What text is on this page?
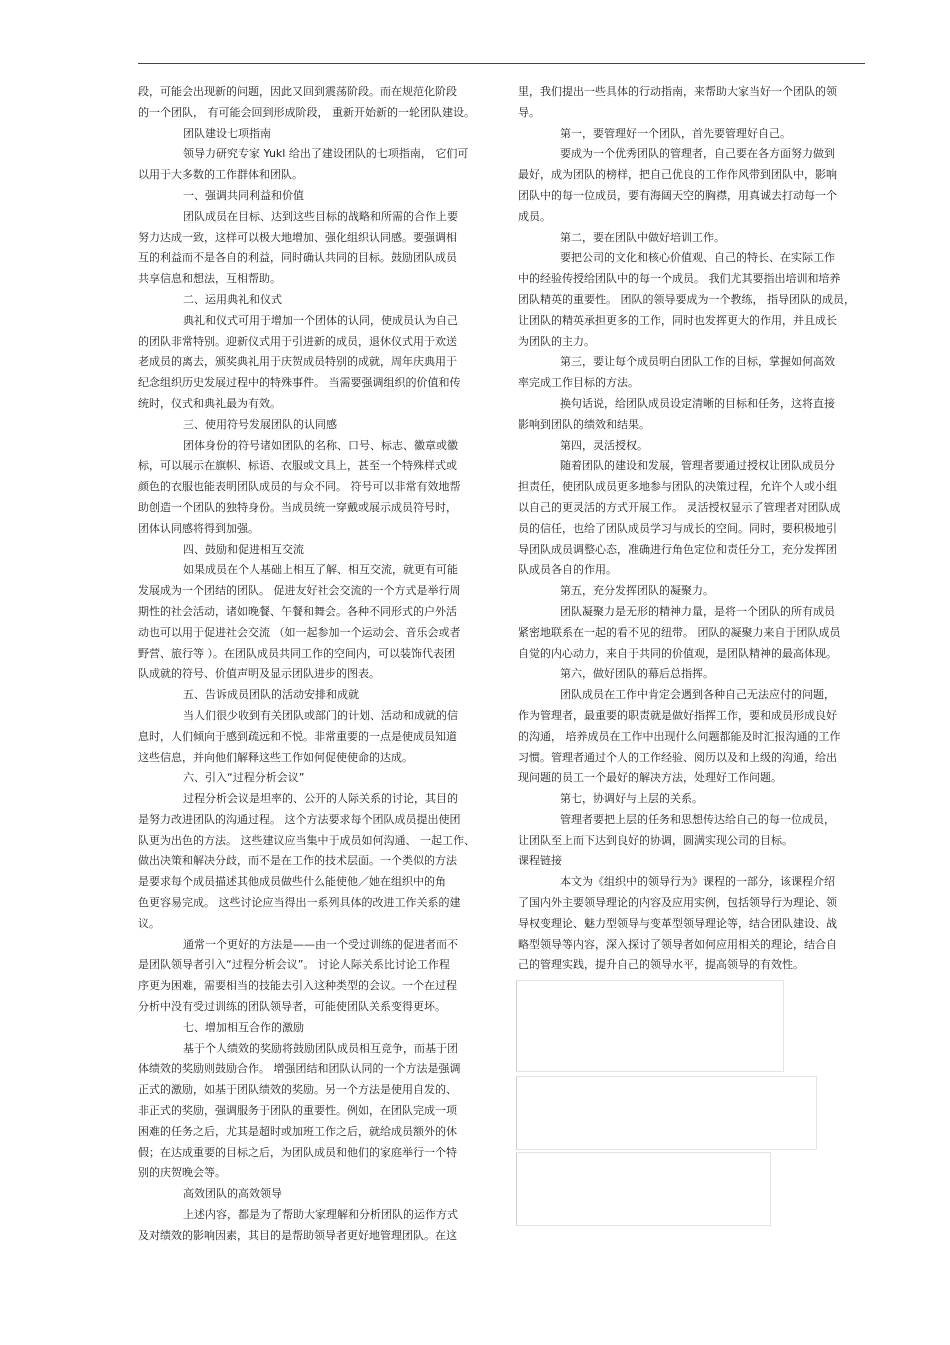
段，可能会出现新的问题，因此又回到震荡阶段。而在规范化阶段

的一个团队， 有可能会回到形成阶段， 重新开始新的一轮团队建设。

团队建设七项指南

领导力研究专家 Yukl 给出了建设团队的七项指南， 它们可

以用于大多数的工作群体和团队。

一、强调共同利益和价值

团队成员在目标、达到这些目标的战略和所需的合作上要

努力达成一致，这样可以极大地增加、强化组织认同感。要强调相

互的利益而不是各自的利益，同时确认共同的目标。鼓励团队成员

共享信息和想法，互相帮助。

二、运用典礼和仪式

典礼和仪式可用于增加一个团体的认同，使成员认为自己

的团队非常特别。迎新仪式用于引进新的成员，退休仪式用于欢送

老成员的离去，颁奖典礼用于庆贺成员特别的成就，周年庆典用于

纪念组织历史发展过程中的特殊事件。 当需要强调组织的价值和传

统时，仪式和典礼最为有效。

三、使用符号发展团队的认同感

团体身份的符号诸如团队的名称、口号、标志、徽章或徽

标，可以展示在旗帜、标语、衣服或文具上，甚至一个特殊样式或

颜色的衣服也能表明团队成员的与众不同。 符号可以非常有效地帮

助创造一个团队的独特身份。当成员统一穿戴或展示成员符号时，

团体认同感将得到加强。

四、鼓励和促进相互交流

如果成员在个人基础上相互了解、相互交流，就更有可能

发展成为一个团结的团队。 促进友好社会交流的一个方式是举行周

期性的社会活动，诸如晚餐、午餐和舞会。各种不同形式的户外活

动也可以用于促进社会交流 （如一起参加一个运动会、音乐会或者

野营、旅行等 ）。在团队成员共同工作的空间内，可以装饰代表团

队成就的符号、价值声明及显示团队进步的图表。

五、告诉成员团队的活动安排和成就

当人们很少收到有关团队或部门的计划、活动和成就的信

息时，人们倾向于感到疏远和不悦。非常重要的一点是使成员知道

这些信息，并向他们解释这些工作如何促使使命的达成。

六、引入“过程分析会议”

过程分析会议是坦率的、公开的人际关系的讨论，其目的

是努力改进团队的沟通过程。 这个方法要求每个团队成员提出使团

队更为出色的方法。 这些建议应当集中于成员如何沟通、 一起工作、

做出决策和解决分歧，而不是在工作的技术层面。一个类似的方法

是要求每个成员描述其他成员做些什么能使他／她在组织中的角

色更容易完成。 这些讨论应当得出一系列具体的改进工作关系的建

议。

通常一个更好的方法是——由一个受过训练的促进者而不

是团队领导者引入“过程分析会议”。 讨论人际关系比讨论工作程

序更为困难，需要相当的技能去引入这种类型的会议。一个在过程

分析中没有受过训练的团队领导者，可能使团队关系变得更坏。

七、增加相互合作的激励

基于个人绩效的奖励将鼓励团队成员相互竞争，而基于团

体绩效的奖励则鼓励合作。 增强团结和团队认同的一个方法是强调

正式的激励，如基于团队绩效的奖励。另一个方法是使用自发的、

非正式的奖励，强调服务于团队的重要性。例如，在团队完成一项

困难的任务之后，尤其是超时或加班工作之后，就给成员额外的休

假；在达成重要的目标之后，为团队成员和他们的家庭举行一个特

别的庆贺晚会等。

高效团队的高效领导

上述内容，都是为了帮助大家理解和分析团队的运作方式

及对绩效的影响因素，其目的是帮助领导者更好地管理团队。在这

里，我们提出一些具体的行动指南，来帮助大家当好一个团队的领

导。

第一，要管理好一个团队，首先要管理好自己。

要成为一个优秀团队的管理者，自己要在各方面努力做到

最好，成为团队的榜样，把自己优良的工作作风带到团队中，影响

团队中的每一位成员，要有海阔天空的胸襟，用真诚去打动每一个

成员。

第二，要在团队中做好培训工作。

要把公司的文化和核心价值观、自己的特长、在实际工作

中的经验传授给团队中的每一个成员。 我们尤其要指出培训和培养

团队精英的重要性。 团队的领导要成为一个教练， 指导团队的成员，

让团队的精英承担更多的工作，同时也发挥更大的作用，并且成长

为团队的主力。

第三，要让每个成员明白团队工作的目标，掌握如何高效

率完成工作目标的方法。

换句话说，给团队成员设定清晰的目标和任务，这将直接

影响到团队的绩效和结果。

第四，灵活授权。

随着团队的建设和发展，管理者要通过授权让团队成员分

担责任，使团队成员更多地参与团队的决策过程，允许个人或小组

以自己的更灵活的方式开展工作。 灵活授权显示了管理者对团队成

员的信任，也给了团队成员学习与成长的空间。同时，要积极地引

导团队成员调整心态，准确进行角色定位和责任分工，充分发挥团

队成员各自的作用。

第五，充分发挥团队的凝聚力。

团队凝聚力是无形的精神力量，是将一个团队的所有成员

紧密地联系在一起的看不见的纽带。 团队的凝聚力来自于团队成员

自觉的内心动力，来自于共同的价值观，是团队精神的最高体现。

第六，做好团队的幕后总指挥。

团队成员在工作中肯定会遇到各种自己无法应付的问题，

作为管理者，最重要的职责就是做好指挥工作，要和成员形成良好

的沟通， 培养成员在工作中出现什么问题都能及时汇报沟通的工作

习惯。管理者通过个人的工作经验、阅历以及和上级的沟通，给出

现问题的员工一个最好的解决方法，处理好工作问题。

第七，协调好与上层的关系。

管理者要把上层的任务和思想传达给自己的每一位成员，

让团队至上而下达到良好的协调，圆满实现公司的目标。

课程链接

本文为《组织中的领导行为》课程的一部分，该课程介绍

了国内外主要领导理论的内容及应用实例，包括领导行为理论、领

导权变理论、魅力型领导与变革型领导理论等，结合团队建设、战

略型领导等内容，深入探讨了领导者如何应用相关的理论，结合自

己的管理实践，提升自己的领导水平，提高领导的有效性。
